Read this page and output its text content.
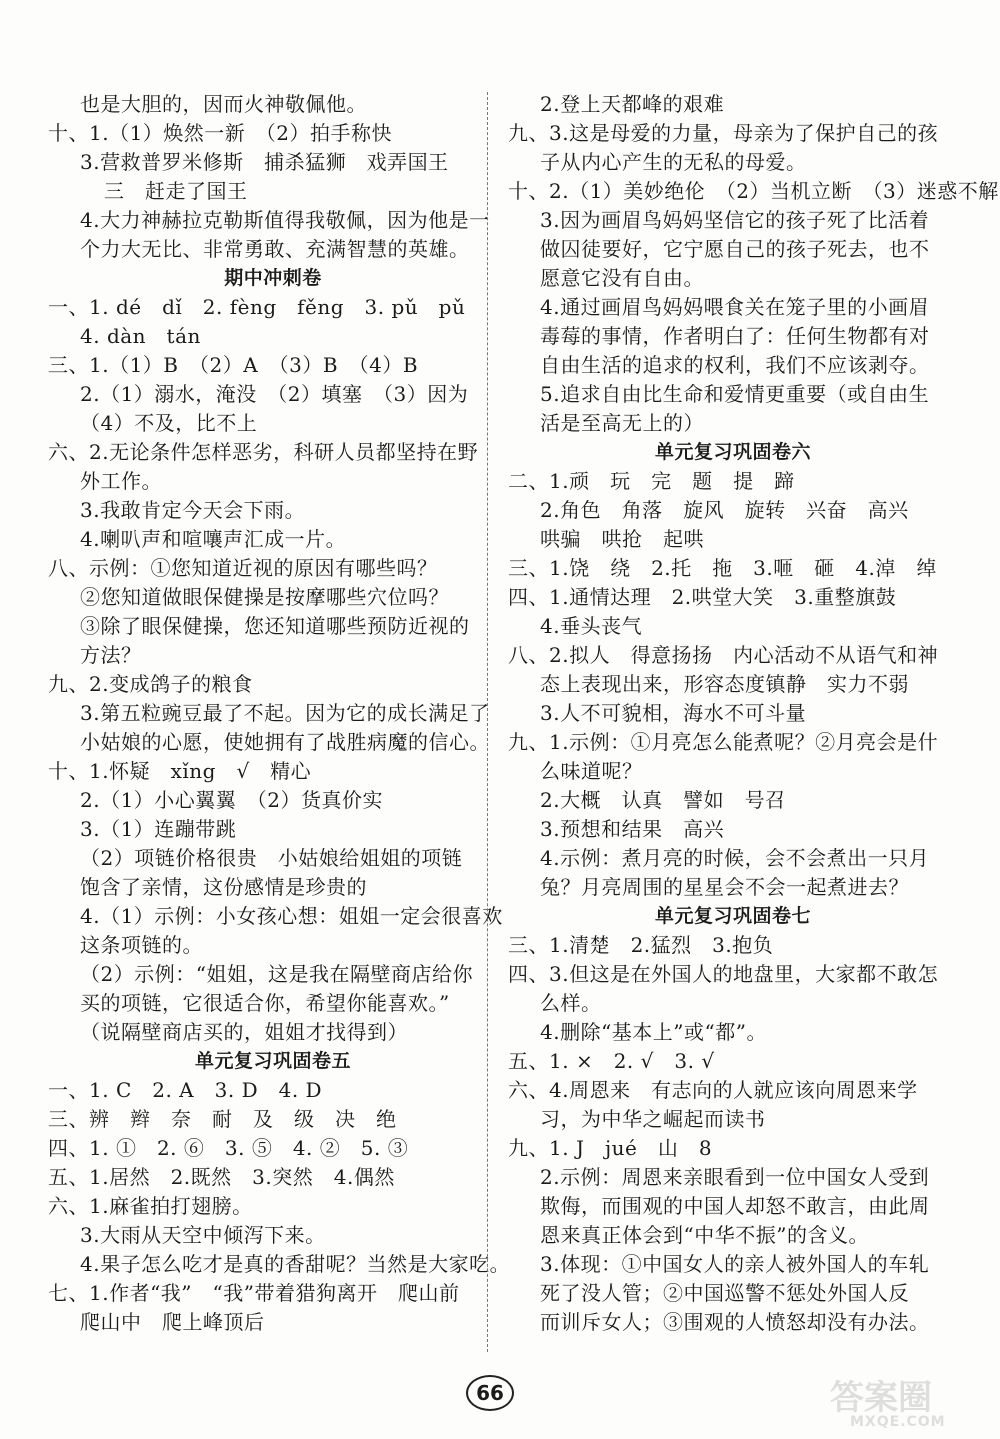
也是大胆的，因而火神敬佩他。
十、1.（1）焕然一新　（2）拍手称快
3.营救普罗米修斯　捕杀猛狮　戏弄国王
三　赶走了国王
4.大力神赫拉克勒斯值得我敬佩，因为他是一
个力大无比、非常勇敢、充满智慧的英雄。
期中冲刺卷
一、1. dé　dǐ　2. fèng　fěng　3. pǔ　pǔ
4. dàn　tán
三、1.（1）B　（2）A　（3）B　（4）B
2.（1）溺水，淹没　（2）填塞　（3）因为
（4）不及，比不上
六、2.无论条件怎样恶劣，科研人员都坚持在野
外工作。
3.我敢肯定今天会下雨。
4.喇叭声和喧嚷声汇成一片。
八、示例：①您知道近视的原因有哪些吗？
②您知道做眼保健操是按摩哪些穴位吗？
③除了眼保健操，您还知道哪些预防近视的
方法？
九、2.变成鸽子的粮食
3.第五粒豌豆最了不起。因为它的成长满足了
小姑娘的心愿，使她拥有了战胜病魔的信心。
十、1.怀疑　xǐng　√　精心
2.（1）小心翼翼　（2）货真价实
3.（1）连蹦带跳
（2）项链价格很贵　小姑娘给姐姐的项链
饱含了亲情，这份感情是珍贵的
4.（1）示例：小女孩心想：姐姐一定会很喜欢
这条项链的。
（2）示例：“姐姐，这是我在隔壁商店给你
买的项链，它很适合你，希望你能喜欢。”
（说隔壁商店买的，姐姐才找得到）
单元复习巩固卷五
一、1. C　2. A　3. D　4. D
三、辨　辫　奈　耐　及　级　决　绝
四、1. ①　2. ⑥　3. ⑤　4. ②　5. ③
五、1.居然　2.既然　3.突然　4.偶然
六、1.麻雀拍打翅膀。
3.大雨从天空中倾泻下来。
4.果子怎么吃才是真的香甜呢？当然是大家吃。
七、1.作者“我”　“我”带着猎狗离开　爬山前
爬山中　爬上峰顶后
2.登上天都峰的艰难
九、3.这是母爱的力量，母亲为了保护自己的孩
子从内心产生的无私的母爱。
十、2.（1）美妙绝伦　（2）当机立断　（3）迷惑不解
3.因为画眉鸟妈妈坚信它的孩子死了比活着
做囚徒要好，它宁愿自己的孩子死去，也不
愿意它没有自由。
4.通过画眉鸟妈妈喂食关在笼子里的小画眉
毒莓的事情，作者明白了：任何生物都有对
自由生活的追求的权利，我们不应该剥夺。
5.追求自由比生命和爱情更重要（或自由生
活是至高无上的）
单元复习巩固卷六
二、1.顽　玩　完　题　提　蹄
2.角色　角落　旋风　旋转　兴奋　高兴
哄骗　哄抢　起哄
三、1.饶　绕　2.托　拖　3.咂　砸　4.淖　绰
四、1.通情达理　2.哄堂大笑　3.重整旗鼓
4.垂头丧气
八、2.拟人　得意扬扬　内心活动不从语气和神
态上表现出来，形容态度镇静　实力不弱
3.人不可貌相，海水不可斗量
九、1.示例：①月亮怎么能煮呢？②月亮会是什
么味道呢？
2.大概　认真　譬如　号召
3.预想和结果　高兴
4.示例：煮月亮的时候，会不会煮出一只月
兔？月亮周围的星星会不会一起煮进去？
单元复习巩固卷七
三、1.清楚　2.猛烈　3.抱负
四、3.但这是在外国人的地盘里，大家都不敢怎
么样。
4.删除“基本上”或“都”。
五、1. ×　2. √　3. √
六、4.周恩来　有志向的人就应该向周恩来学
习，为中华之崛起而读书
九、1. J　jué　山　8
2.示例：周恩来亲眼看到一位中国女人受到
欺侮，而围观的中国人却怒不敢言，由此周
恩来真正体会到“中华不振”的含义。
3.体现：①中国女人的亲人被外国人的车轧
死了没人管；②中国巡警不惩处外国人反
而训斥女人；③围观的人愤怒却没有办法。
66	答案圈
MXQE.COM
